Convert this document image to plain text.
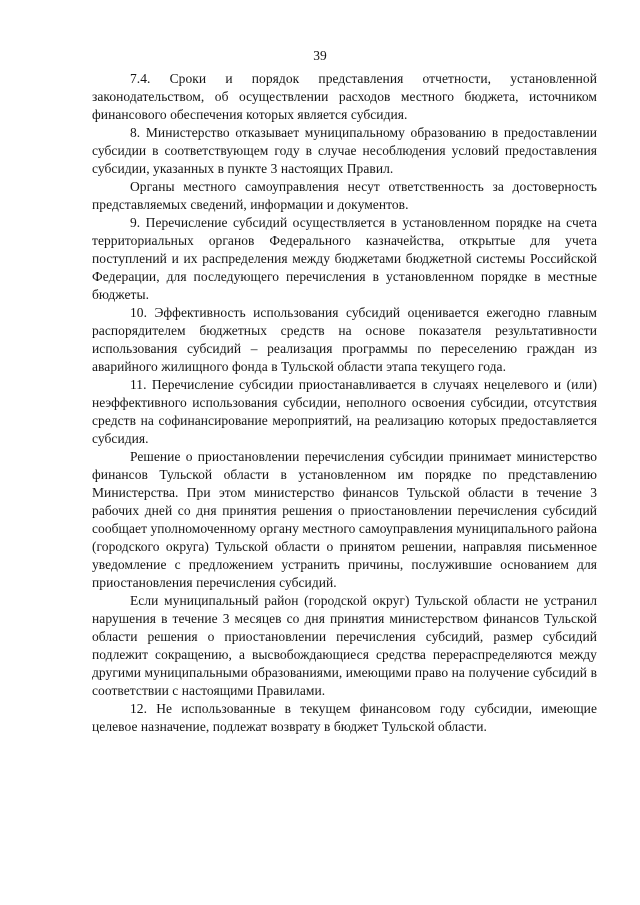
39

7.4. Сроки и порядок представления отчетности, установленной законодательством, об осуществлении расходов местного бюджета, источником финансового обеспечения которых является субсидия.

8. Министерство отказывает муниципальному образованию в предоставлении субсидии в соответствующем году в случае несоблюдения условий предоставления субсидии, указанных в пункте 3 настоящих Правил.

Органы местного самоуправления несут ответственность за достоверность представляемых сведений, информации и документов.

9. Перечисление субсидий осуществляется в установленном порядке на счета территориальных органов Федерального казначейства, открытые для учета поступлений и их распределения между бюджетами бюджетной системы Российской Федерации, для последующего перечисления в установленном порядке в местные бюджеты.

10. Эффективность использования субсидий оценивается ежегодно главным распорядителем бюджетных средств на основе показателя результативности использования субсидий – реализация программы по переселению граждан из аварийного жилищного фонда в Тульской области этапа текущего года.

11. Перечисление субсидии приостанавливается в случаях нецелевого и (или) неэффективного использования субсидии, неполного освоения субсидии, отсутствия средств на софинансирование мероприятий, на реализацию которых предоставляется субсидия.

Решение о приостановлении перечисления субсидии принимает министерство финансов Тульской области в установленном им порядке по представлению Министерства. При этом министерство финансов Тульской области в течение 3 рабочих дней со дня принятия решения о приостановлении перечисления субсидий сообщает уполномоченному органу местного самоуправления муниципального района (городского округа) Тульской области о принятом решении, направляя письменное уведомление с предложением устранить причины, послужившие основанием для приостановления перечисления субсидий.

Если муниципальный район (городской округ) Тульской области не устранил нарушения в течение 3 месяцев со дня принятия министерством финансов Тульской области решения о приостановлении перечисления субсидий, размер субсидий подлежит сокращению, а высвобождающиеся средства перераспределяются между другими муниципальными образованиями, имеющими право на получение субсидий в соответствии с настоящими Правилами.

12. Не использованные в текущем финансовом году субсидии, имеющие целевое назначение, подлежат возврату в бюджет Тульской области.
